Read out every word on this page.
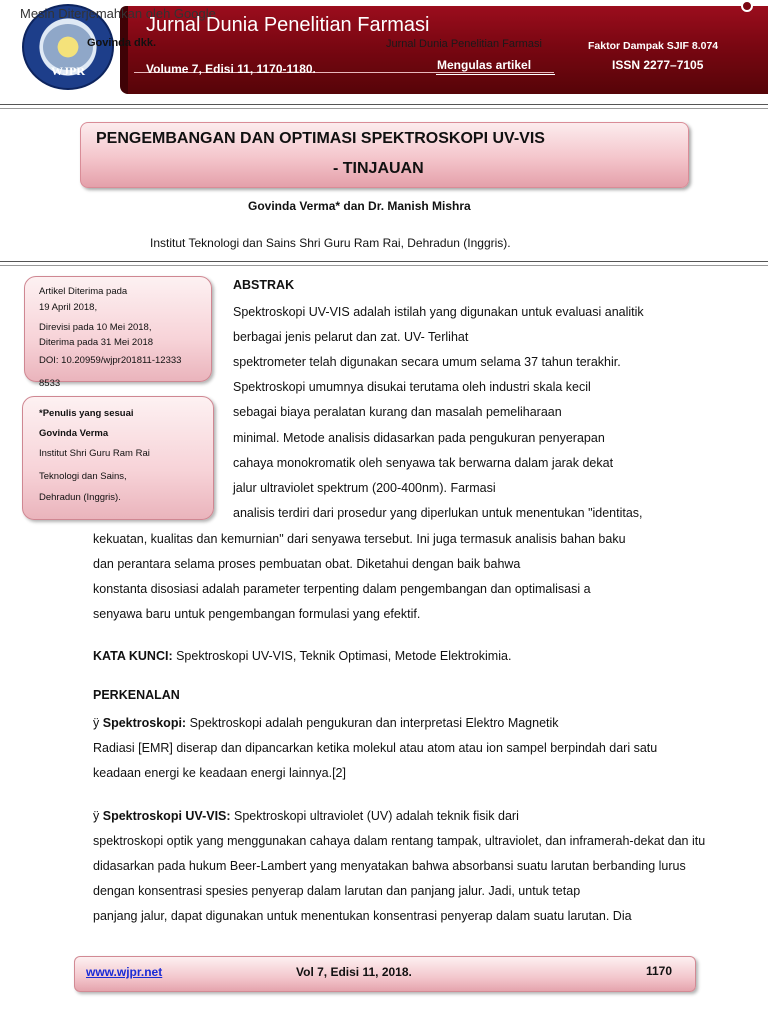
WJPR
Mesin Diterjemahkan oleh Google
Govinda dkk.
Jurnal Dunia Penelitian Farmasi
Jurnal Dunia Penelitian Farmasi	Faktor Dampak SJIF 8.074
Volume 7, Edisi 11, 1170-1180.	Mengulas artikel	ISSN 2277–7105
PENGEMBANGAN DAN OPTIMASI SPEKTROSKOPI UV-VIS
- TINJAUAN
Govinda Verma* dan Dr. Manish Mishra
Institut Teknologi dan Sains Shri Guru Ram Rai, Dehradun (Inggris).
Artikel Diterima pada
19 April 2018,
Direvisi pada 10 Mei 2018,
Diterima pada 31 Mei 2018
DOI: 10.20959/wjpr201811-12333
8533
*Penulis yang sesuai
Govinda Verma
Institut Shri Guru Ram Rai
Teknologi dan Sains,
Dehradun (Inggris).
ABSTRAK
Spektroskopi UV-VIS adalah istilah yang digunakan untuk evaluasi analitik
berbagai jenis pelarut dan zat. UV- Terlihat
spektrometer telah digunakan secara umum selama 37 tahun terakhir.
Spektroskopi umumnya disukai terutama oleh industri skala kecil
sebagai biaya peralatan kurang dan masalah pemeliharaan
minimal. Metode analisis didasarkan pada pengukuran penyerapan
cahaya monokromatik oleh senyawa tak berwarna dalam jarak dekat
jalur ultraviolet spektrum (200-400nm). Farmasi
analisis terdiri dari prosedur yang diperlukan untuk menentukan "identitas,
kekuatan, kualitas dan kemurnian" dari senyawa tersebut. Ini juga termasuk analisis bahan baku
dan perantara selama proses pembuatan obat. Diketahui dengan baik bahwa
konstanta disosiasi adalah parameter terpenting dalam pengembangan dan optimalisasi a
senyawa baru untuk pengembangan formulasi yang efektif.
KATA KUNCI: Spektroskopi UV-VIS, Teknik Optimasi, Metode Elektrokimia.
PERKENALAN
ÿ Spektroskopi: Spektroskopi adalah pengukuran dan interpretasi Elektro Magnetik
Radiasi [EMR] diserap dan dipancarkan ketika molekul atau atom atau ion sampel berpindah dari satu
keadaan energi ke keadaan energi lainnya.[2]
ÿ Spektroskopi UV-VIS: Spektroskopi ultraviolet (UV) adalah teknik fisik dari
spektroskopi optik yang menggunakan cahaya dalam rentang tampak, ultraviolet, dan inframerah-dekat dan itu
didasarkan pada hukum Beer-Lambert yang menyatakan bahwa absorbansi suatu larutan berbanding lurus
dengan konsentrasi spesies penyerap dalam larutan dan panjang jalur. Jadi, untuk tetap
panjang jalur, dapat digunakan untuk menentukan konsentrasi penyerap dalam suatu larutan. Dia
www.wjpr.net	Vol 7, Edisi 11, 2018.	1170
